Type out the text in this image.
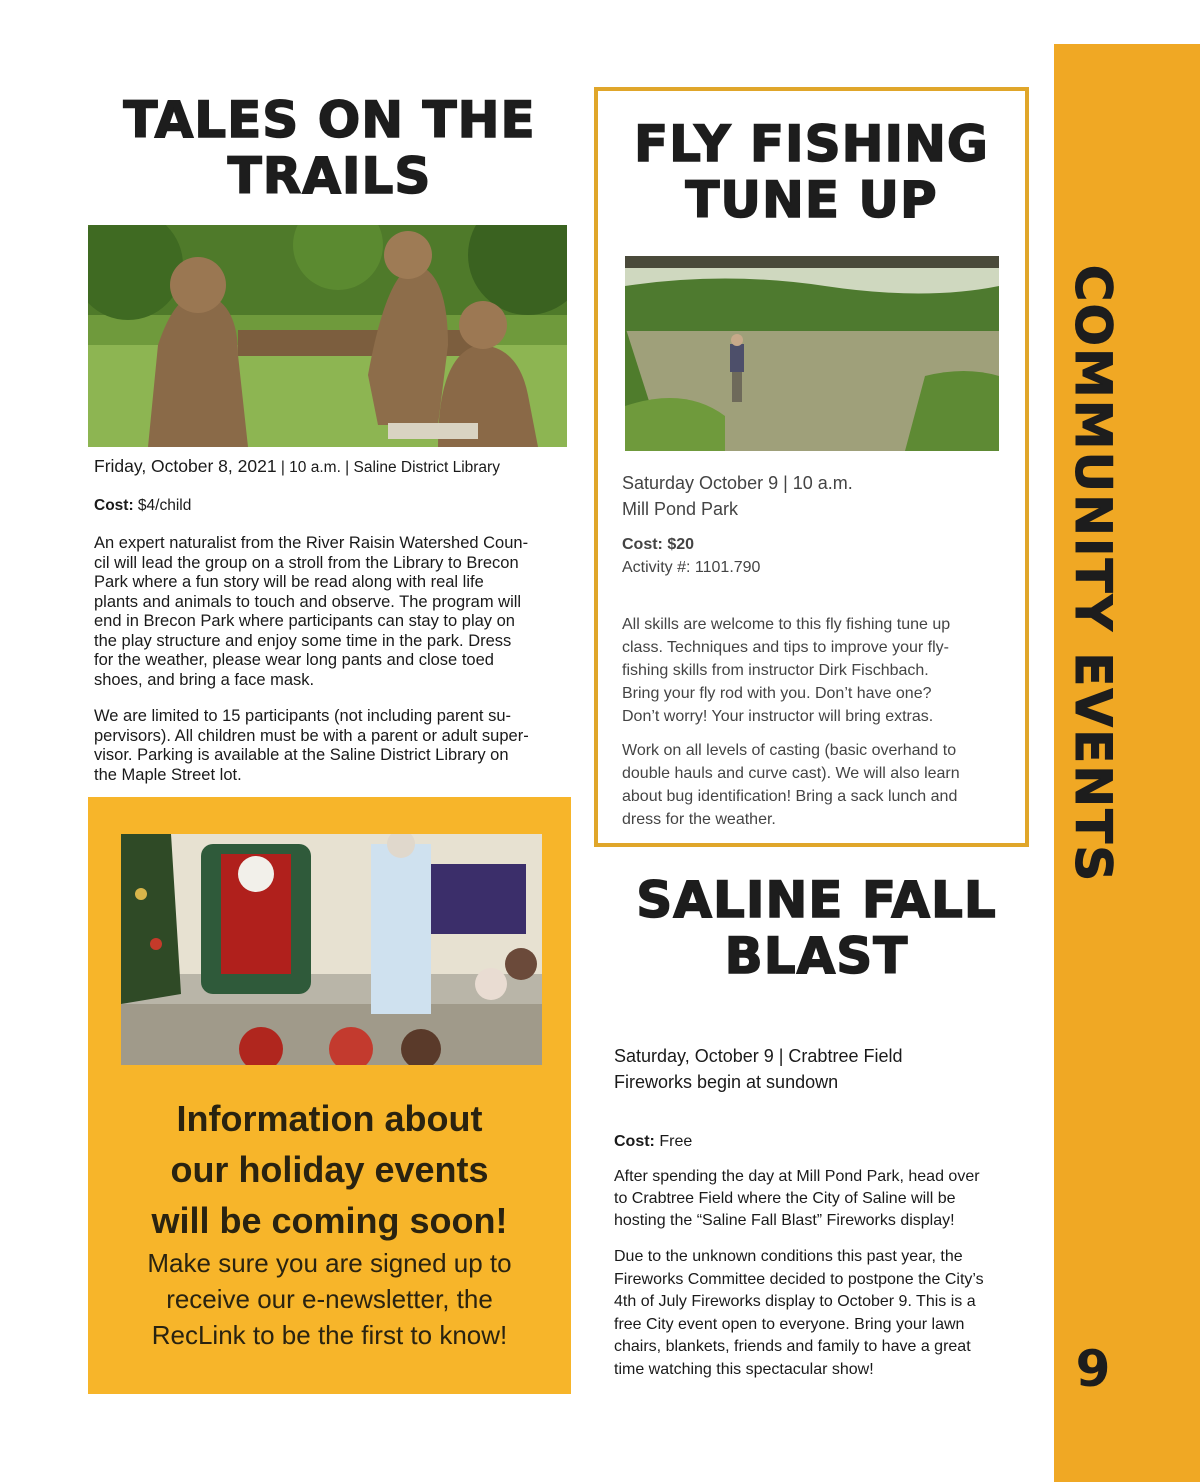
COMMUNITY EVENTS
9
TALES ON THE
TRAILS
Friday, October 8, 2021 | 10 a.m. | Saline District Library
Cost: $4/child

An expert naturalist from the River Raisin Watershed Coun-

cil will lead the group on a stroll from the Library to Brecon

Park where a fun story will be read along with real life

plants and animals to touch and observe. The program will

end in Brecon Park where participants can stay to play on

the play structure and enjoy some time in the park. Dress

for the weather, please wear long pants and close toed

shoes, and bring a face mask.

We are limited to 15 participants (not including parent su-

pervisors). All children must be with a parent or adult super-

visor. Parking is available at the Saline District Library on

the Maple Street lot.

Information about
our holiday events
will be coming soon!
Make sure you are signed up to
receive our e-newsletter, the
RecLink to be the first to know!
FLY FISHING
TUNE UP

Saturday October 9 | 10 a.m.

Mill Pond Park

Cost: $20

Activity #: 1101.790

All skills are welcome to this fly fishing tune up

class. Techniques and tips to improve your fly-

fishing skills from instructor Dirk Fischbach.

Bring your fly rod with you. Don’t have one?

Don’t worry! Your instructor will bring extras.

Work on all levels of casting (basic overhand to

double hauls and curve cast). We will also learn

about bug identification! Bring a sack lunch and

dress for the weather.

SALINE FALL
BLAST

Saturday, October 9 | Crabtree Field

Fireworks begin at sundown

Cost: Free

After spending the day at Mill Pond Park, head over

to Crabtree Field where the City of Saline will be

hosting the “Saline Fall Blast” Fireworks display!

Due to the unknown conditions this past year, the

Fireworks Committee decided to postpone the City’s

4th of July Fireworks display to October 9. This is a

free City event open to everyone. Bring your lawn

chairs, blankets, friends and family to have a great

time watching this spectacular show!
